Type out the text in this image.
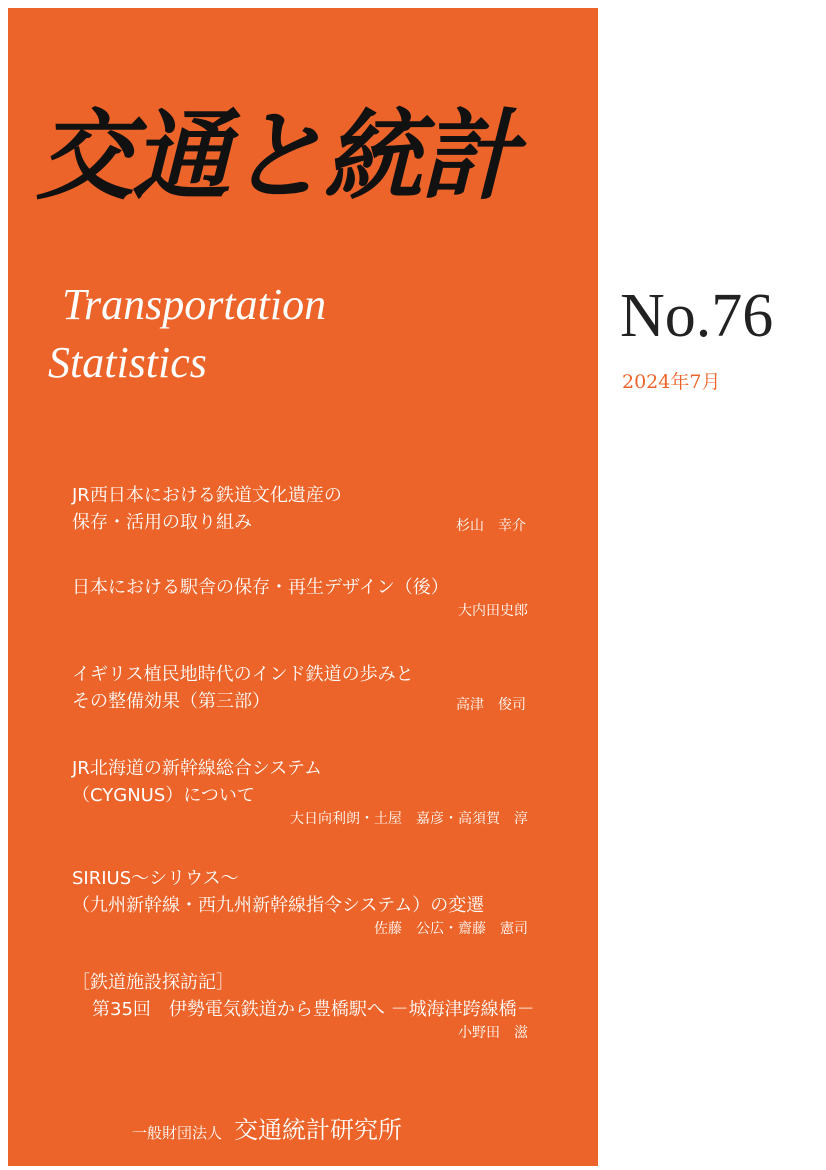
交通と統計
Transportation
Statistics
No.76
2024年7月
JR西日本における鉄道文化遺産の
保存・活用の取り組み	杉山　幸介
日本における駅舎の保存・再生デザイン（後）
大内田史郎
イギリス植民地時代のインド鉄道の歩みと
その整備効果（第三部）	高津　俊司
JR北海道の新幹線総合システム
（CYGNUS）について
大日向利朗・土屋　嘉彦・高須賀　淳
SIRIUS～シリウス～
（九州新幹線・西九州新幹線指令システム）の変遷
佐藤　公広・齋藤　憲司
［鉄道施設探訪記］
第35回　伊勢電気鉄道から豊橋駅へ －城海津跨線橋－
小野田　滋
一般財団法人 交通統計研究所
